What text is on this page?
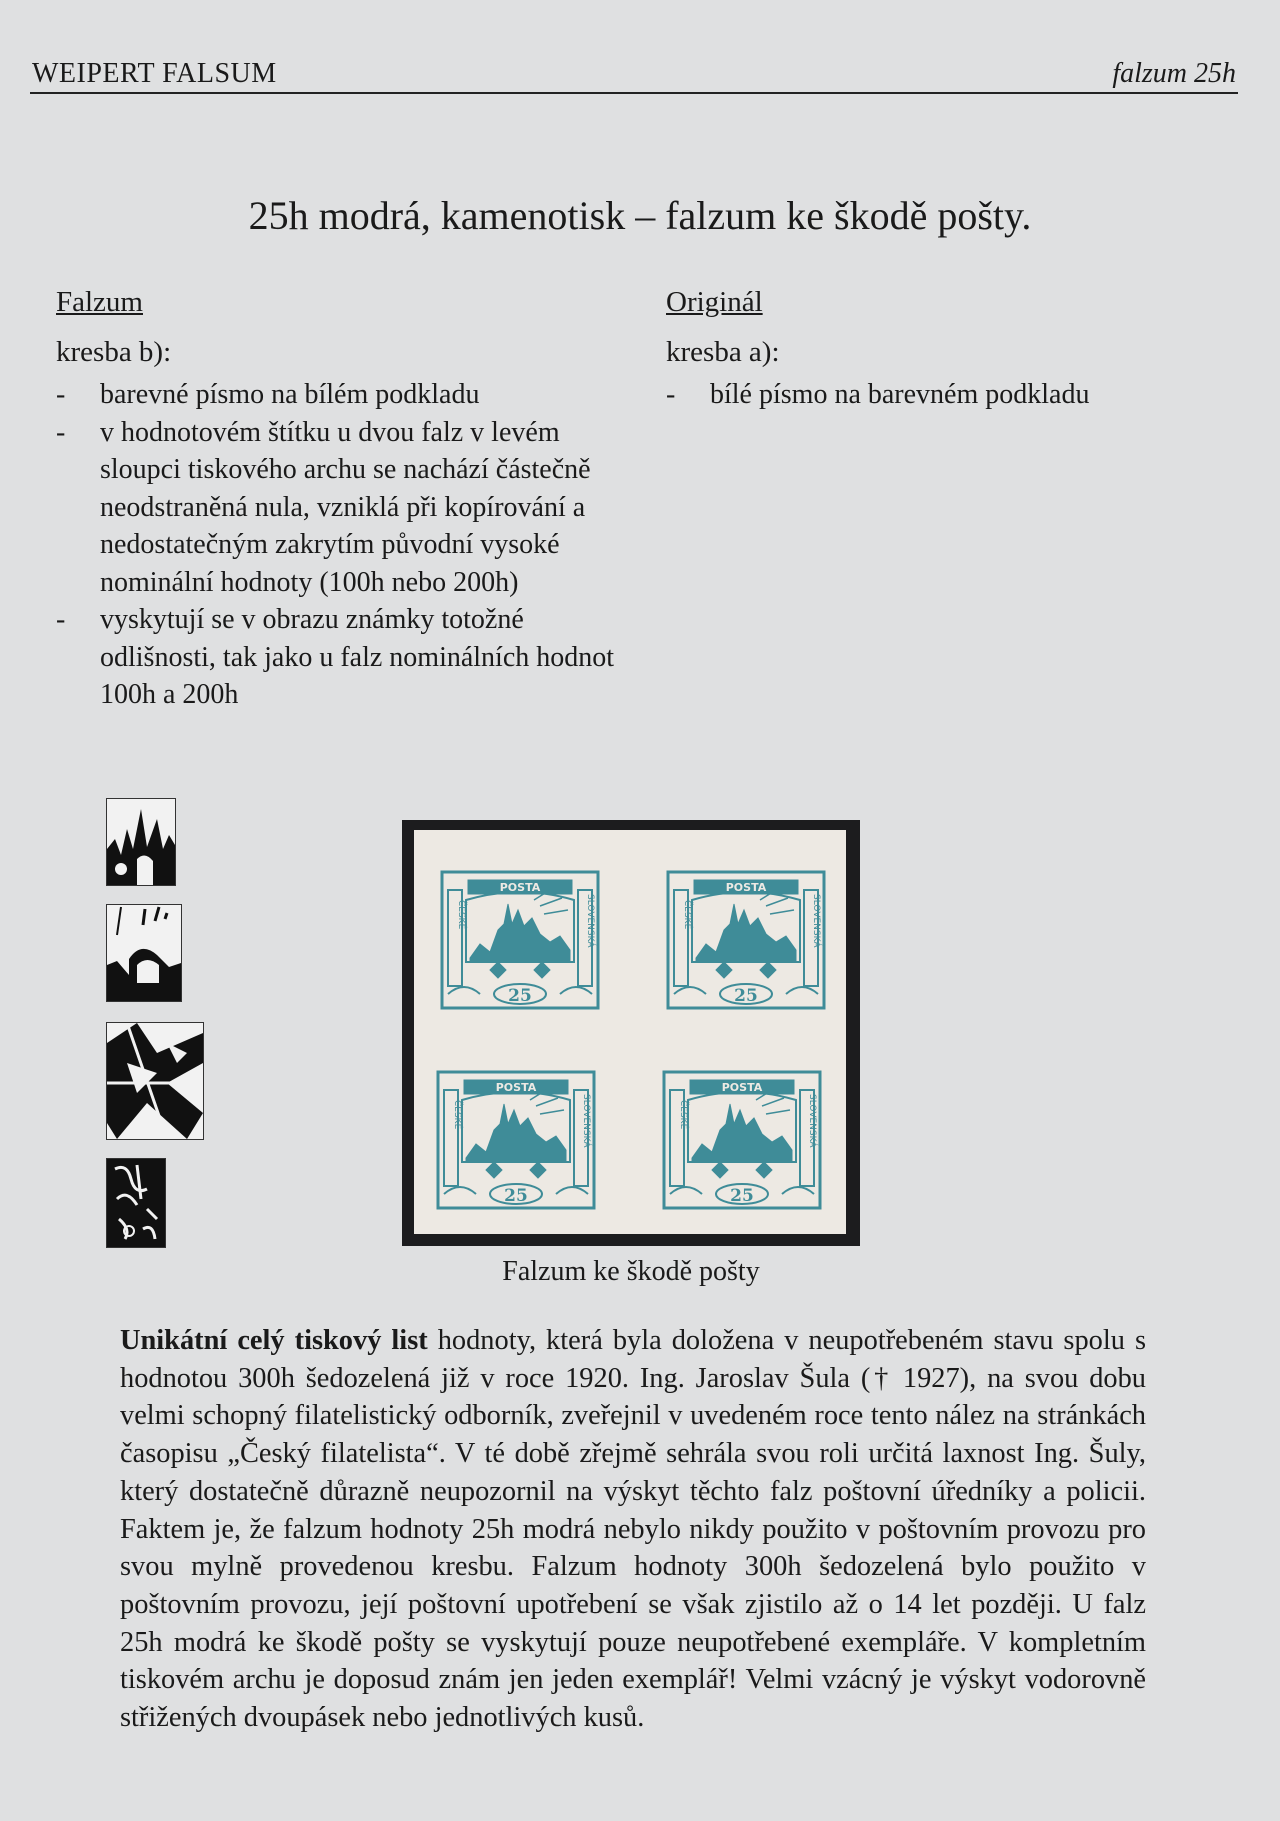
WEIPERT FALSUM	falzum 25h
25h modrá, kamenotisk – falzum ke škodě pošty.
Falzum
kresba b):
- barevné písmo na bílém podkladu
- v hodnotovém štítku u dvou falz v levém sloupci tiskového archu se nachází částečně neodstraněná nula, vzniklá při kopírování a nedostatečným zakrytím původní vysoké nominální hodnoty (100h nebo 200h)
- vyskytují se v obrazu známky totožné odlišnosti, tak jako u falz nominálních hodnot 100h a 200h
Originál
kresba a):
- bílé písmo na barevném podkladu
POSTA
25
ČESKÉ	SLOVENSKÁ
POSTA
25
ČESKÉ	SLOVENSKÁ
POSTA
25
ČESKÉ	SLOVENSKÁ
POSTA
25
ČESKÉ	SLOVENSKÁ
Falzum ke škodě pošty
Unikátní celý tiskový list hodnoty, která byla doložena v neupotřebeném stavu spolu s hodnotou 300h šedozelená již v roce 1920. Ing. Jaroslav Šula († 1927), na svou dobu velmi schopný filatelistický odborník, zveřejnil v uvedeném roce tento nález na stránkách časopisu „Český filatelista“. V té době zřejmě sehrála svou roli určitá laxnost Ing. Šuly, který dostatečně důrazně neupozornil na výskyt těchto falz poštovní úředníky a policii. Faktem je, že falzum hodnoty 25h modrá nebylo nikdy použito v poštovním provozu pro svou mylně provedenou kresbu. Falzum hodnoty 300h šedozelená bylo použito v poštovním provozu, její poštovní upotřebení se však zjistilo až o 14 let později. U falz 25h modrá ke škodě pošty se vyskytují pouze neupotřebené exempláře. V kompletním tiskovém archu je doposud znám jen jeden exemplář! Velmi vzácný je výskyt vodorovně střižených dvoupásek nebo jednotlivých kusů.
